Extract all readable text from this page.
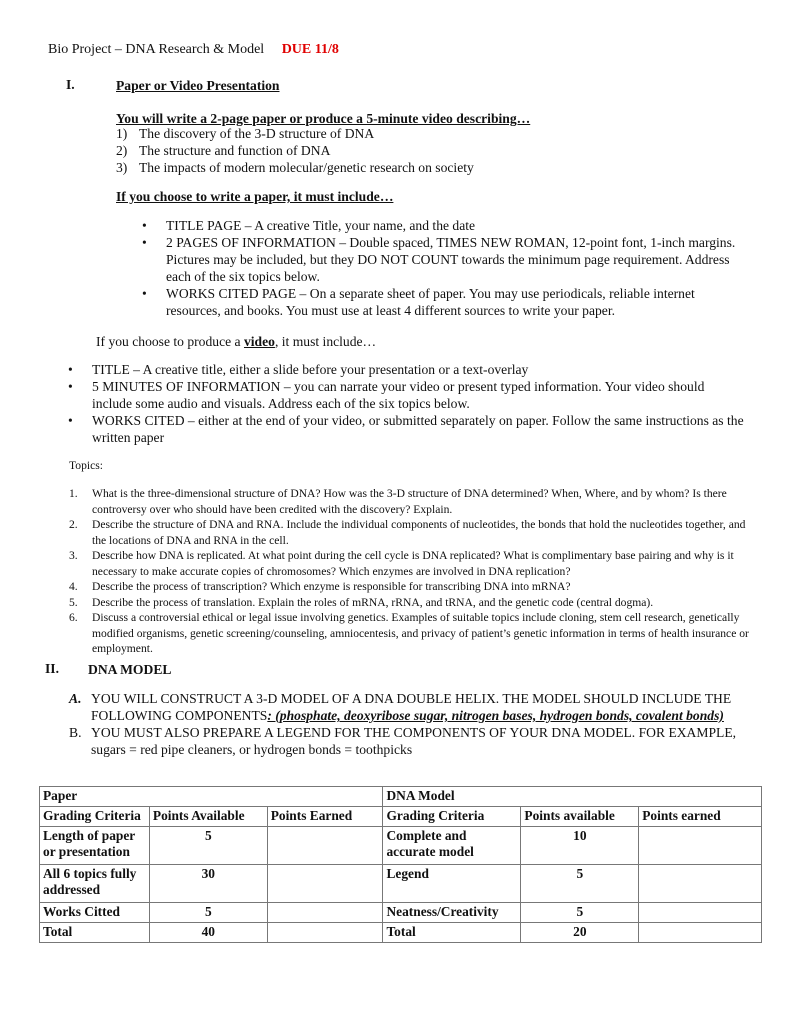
Bio Project – DNA Research & Model DUE 11/8
I.	Paper or Video Presentation
You will write a 2-page paper or produce a 5-minute video describing…
1) The discovery of the 3-D structure of DNA
2) The structure and function of DNA
3) The impacts of modern molecular/genetic research on society
If you choose to write a paper, it must include…
•	TITLE PAGE – A creative Title, your name, and the date
•	2 PAGES OF INFORMATION – Double spaced, TIMES NEW ROMAN, 12-point font, 1-inch margins. Pictures may be included, but they DO NOT COUNT towards the minimum page requirement. Address each of the six topics below.
•	WORKS CITED PAGE – On a separate sheet of paper. You may use periodicals, reliable internet resources, and books. You must use at least 4 different sources to write your paper.
If you choose to produce a video, it must include…
•	TITLE – A creative title, either a slide before your presentation or a text-overlay
•	5 MINUTES OF INFORMATION – you can narrate your video or present typed information. Your video should include some audio and visuals. Address each of the six topics below.
•	WORKS CITED – either at the end of your video, or submitted separately on paper. Follow the same instructions as the written paper
Topics:
1.	What is the three-dimensional structure of DNA? How was the 3-D structure of DNA determined? When, Where, and by whom? Is there controversy over who should have been credited with the discovery? Explain.
2.	Describe the structure of DNA and RNA. Include the individual components of nucleotides, the bonds that hold the nucleotides together, and the locations of DNA and RNA in the cell.
3.	Describe how DNA is replicated. At what point during the cell cycle is DNA replicated? What is complimentary base pairing and why is it necessary to make accurate copies of chromosomes? Which enzymes are involved in DNA replication?
4.	Describe the process of transcription? Which enzyme is responsible for transcribing DNA into mRNA?
5.	Describe the process of translation. Explain the roles of mRNA, rRNA, and tRNA, and the genetic code (central dogma).
6.	Discuss a controversial ethical or legal issue involving genetics. Examples of suitable topics include cloning, stem cell research, genetically modified organisms, genetic screening/counseling, amniocentesis, and privacy of patient’s genetic information in terms of health insurance or employment.
II. DNA MODEL
A. YOU WILL CONSTRUCT A 3-D MODEL OF A DNA DOUBLE HELIX. THE MODEL SHOULD INCLUDE THE FOLLOWING COMPONENTS: (phosphate, deoxyribose sugar, nitrogen bases, hydrogen bonds, covalent bonds)
B. YOU MUST ALSO PREPARE A LEGEND FOR THE COMPONENTS OF YOUR DNA MODEL. FOR EXAMPLE, sugars = red pipe cleaners, or hydrogen bonds = toothpicks
Paper			DNA Model		
Grading Criteria	Points Available	Points Earned	Grading Criteria	Points available	Points earned
Length of paper or presentation	5		Complete and accurate model	10	
All 6 topics fully addressed	30		Legend	5	
Works Citted	5		Neatness/Creativity	5	
Total	40		Total	20	
